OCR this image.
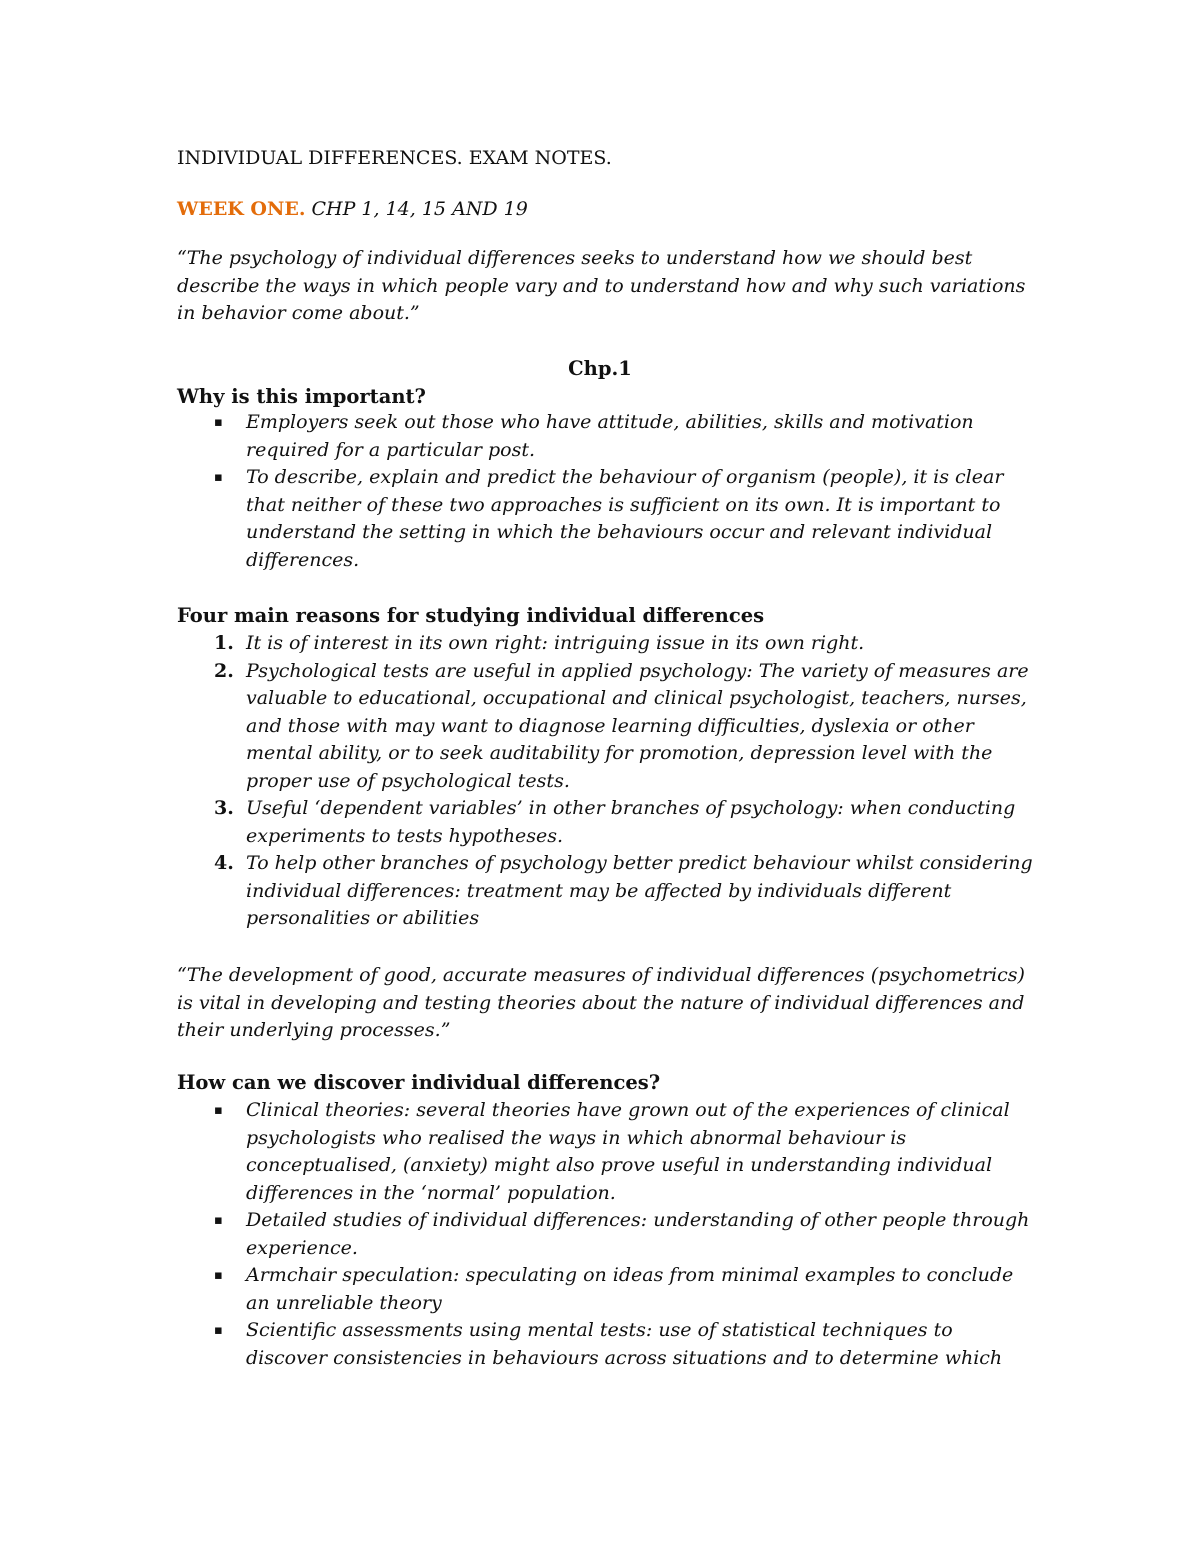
INDIVIDUAL DIFFERENCES. EXAM NOTES.
WEEK ONE. CHP 1, 14, 15 AND 19
“The psychology of individual differences seeks to understand how we should best describe the ways in which people vary and to understand how and why such variations in behavior come about.”
Chp.1
Why is this important?
▪ Employers seek out those who have attitude, abilities, skills and motivation required for a particular post.
▪ To describe, explain and predict the behaviour of organism (people), it is clear that neither of these two approaches is sufficient on its own. It is important to understand the setting in which the behaviours occur and relevant individual differences.
Four main reasons for studying individual differences
1. It is of interest in its own right: intriguing issue in its own right.
2. Psychological tests are useful in applied psychology: The variety of measures are valuable to educational, occupational and clinical psychologist, teachers, nurses, and those with may want to diagnose learning difficulties, dyslexia or other mental ability, or to seek auditability for promotion, depression level with the proper use of psychological tests.
3. Useful ‘dependent variables’ in other branches of psychology: when conducting experiments to tests hypotheses.
4. To help other branches of psychology better predict behaviour whilst considering individual differences: treatment may be affected by individuals different personalities or abilities
“The development of good, accurate measures of individual differences (psychometrics) is vital in developing and testing theories about the nature of individual differences and their underlying processes.”
How can we discover individual differences?
▪ Clinical theories: several theories have grown out of the experiences of clinical psychologists who realised the ways in which abnormal behaviour is conceptualised, (anxiety) might also prove useful in understanding individual differences in the ‘normal’ population.
▪ Detailed studies of individual differences: understanding of other people through experience.
▪ Armchair speculation: speculating on ideas from minimal examples to conclude an unreliable theory
▪ Scientific assessments using mental tests: use of statistical techniques to discover consistencies in behaviours across situations and to determine which
